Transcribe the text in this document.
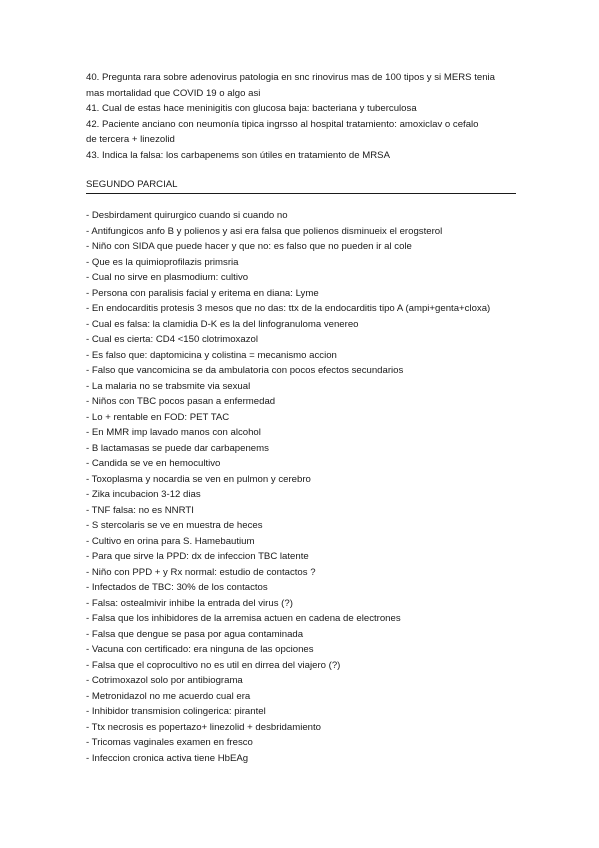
40. Pregunta rara sobre adenovirus patologia en snc rinovirus mas de 100 tipos y si MERS tenia
mas mortalidad que COVID 19 o algo asi
41. Cual de estas hace meninigitis con glucosa baja: bacteriana y tuberculosa
42. Paciente anciano con neumonía tipica ingrsso al hospital tratamiento: amoxiclav o cefalo
de tercera + linezolid
43. Indica la falsa: los carbapenems son útiles en tratamiento de MRSA
SEGUNDO PARCIAL
- Desbirdament quirurgico cuando si cuando no
- Antifungicos anfo B y polienos y asi era falsa que polienos disminueix el erogsterol
- Niño con SIDA que puede hacer y que no: es falso que no pueden ir al cole
- Que es la quimioprofilazis primsria
- Cual no sirve en plasmodium: cultivo
- Persona con paralisis facial y eritema en diana: Lyme
- En endocarditis protesis 3 mesos que no das: ttx de la endocarditis tipo A (ampi+genta+cloxa)
- Cual es falsa: la clamidia D-K es la del linfogranuloma venereo
- Cual es cierta: CD4 <150 clotrimoxazol
- Es falso que: daptomicina y colistina = mecanismo accion
- Falso que vancomicina se da ambulatoria con pocos efectos secundarios
- La malaria no se trabsmite via sexual
- Niños con TBC pocos pasan a enfermedad
- Lo + rentable en FOD: PET TAC
- En MMR imp lavado manos con alcohol
- B lactamasas se puede dar carbapenems
- Candida se ve en hemocultivo
- Toxoplasma y nocardia se ven en pulmon y cerebro
- Zika incubacion 3-12 dias
- TNF falsa: no es NNRTI
- S stercolaris se ve en muestra de heces
- Cultivo en orina para S. Hamebautium
- Para que sirve la PPD: dx de infeccion TBC latente
- Niño con PPD + y Rx normal: estudio de contactos ?
- Infectados de TBC: 30% de los contactos
- Falsa: ostealmivir inhibe la entrada del virus (?)
- Falsa que los inhibidores de la arremisa actuen en cadena de electrones
- Falsa que dengue se pasa por agua contaminada
- Vacuna con certificado: era ninguna de las opciones
- Falsa que el coprocultivo no es util en dirrea del viajero (?)
- Cotrimoxazol solo por antibiograma
- Metronidazol no me acuerdo cual era
- Inhibidor transmision colingerica: pirantel
- Ttx necrosis es popertazo+ linezolid + desbridamiento
- Tricomas vaginales examen en fresco
- Infeccion cronica activa tiene HbEAg
